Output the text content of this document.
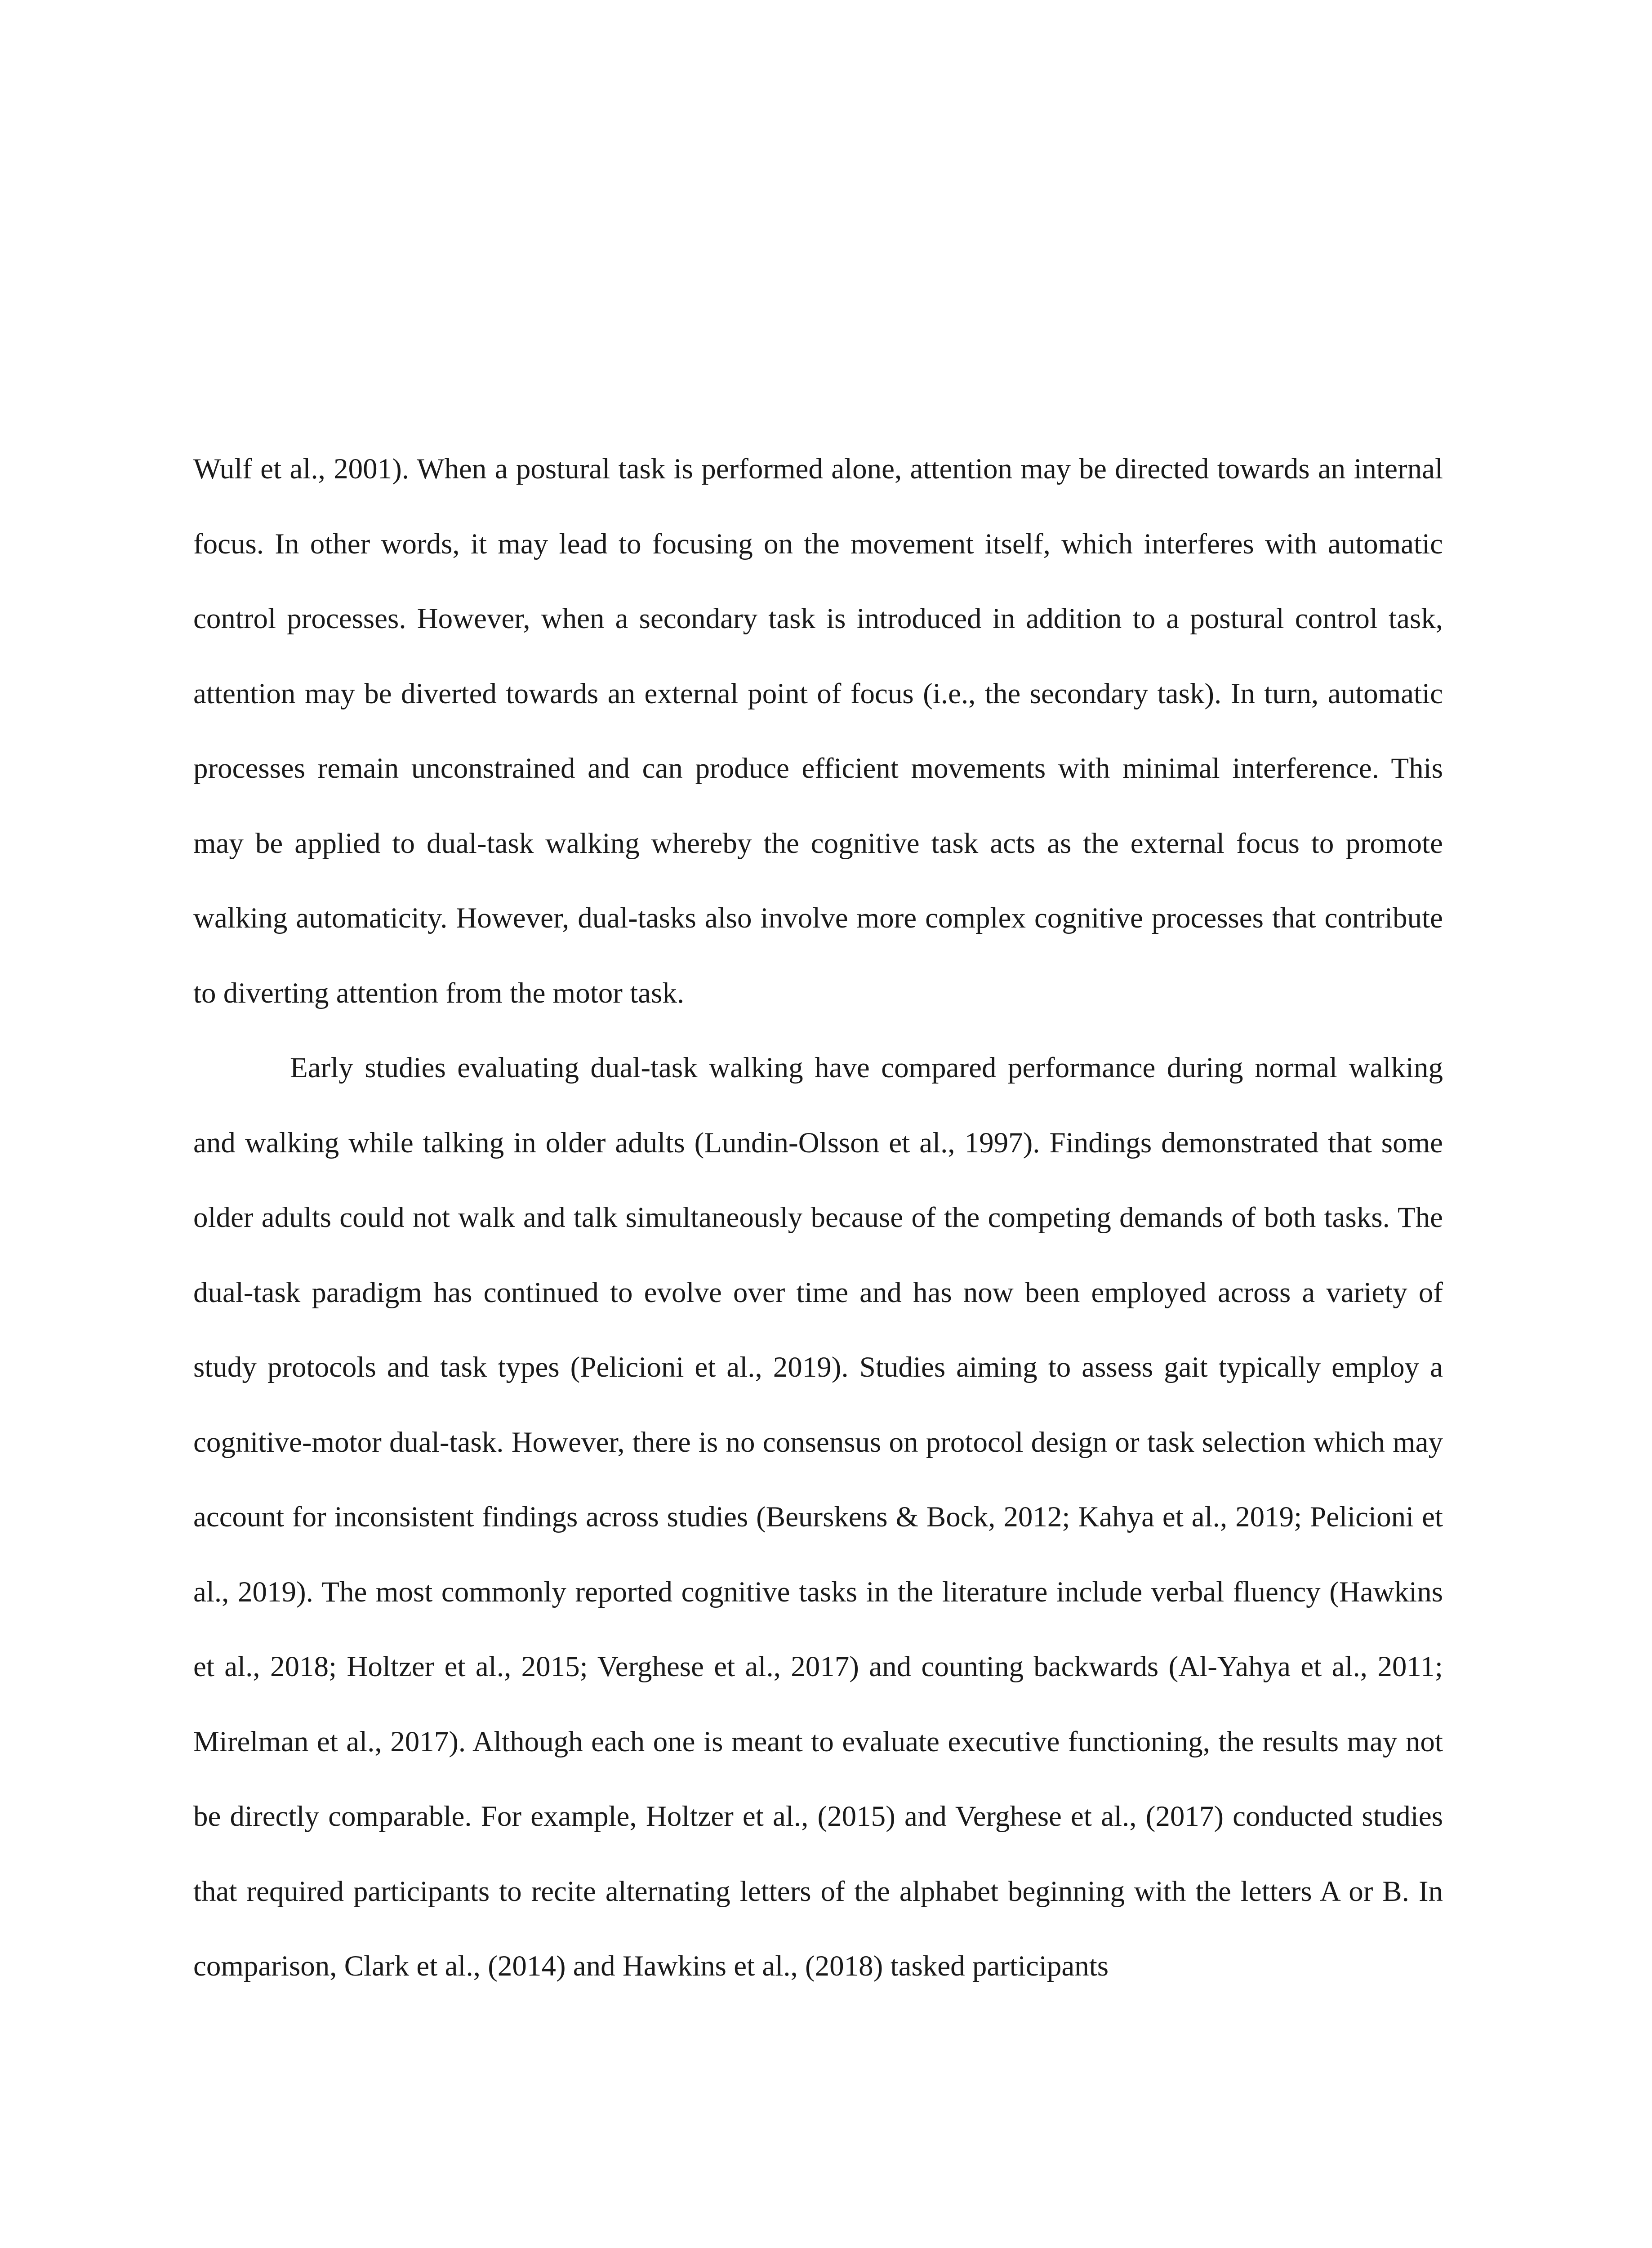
Wulf et al., 2001). When a postural task is performed alone, attention may be directed towards an internal focus. In other words, it may lead to focusing on the movement itself, which interferes with automatic control processes. However, when a secondary task is introduced in addition to a postural control task, attention may be diverted towards an external point of focus (i.e., the secondary task). In turn, automatic processes remain unconstrained and can produce efficient movements with minimal interference. This may be applied to dual-task walking whereby the cognitive task acts as the external focus to promote walking automaticity. However, dual-tasks also involve more complex cognitive processes that contribute to diverting attention from the motor task.

Early studies evaluating dual-task walking have compared performance during normal walking and walking while talking in older adults (Lundin-Olsson et al., 1997). Findings demonstrated that some older adults could not walk and talk simultaneously because of the competing demands of both tasks. The dual-task paradigm has continued to evolve over time and has now been employed across a variety of study protocols and task types (Pelicioni et al., 2019). Studies aiming to assess gait typically employ a cognitive-motor dual-task. However, there is no consensus on protocol design or task selection which may account for inconsistent findings across studies (Beurskens & Bock, 2012; Kahya et al., 2019; Pelicioni et al., 2019). The most commonly reported cognitive tasks in the literature include verbal fluency (Hawkins et al., 2018; Holtzer et al., 2015; Verghese et al., 2017) and counting backwards (Al-Yahya et al., 2011; Mirelman et al., 2017). Although each one is meant to evaluate executive functioning, the results may not be directly comparable. For example, Holtzer et al., (2015) and Verghese et al., (2017) conducted studies that required participants to recite alternating letters of the alphabet beginning with the letters A or B. In comparison, Clark et al., (2014) and Hawkins et al., (2018) tasked participants
